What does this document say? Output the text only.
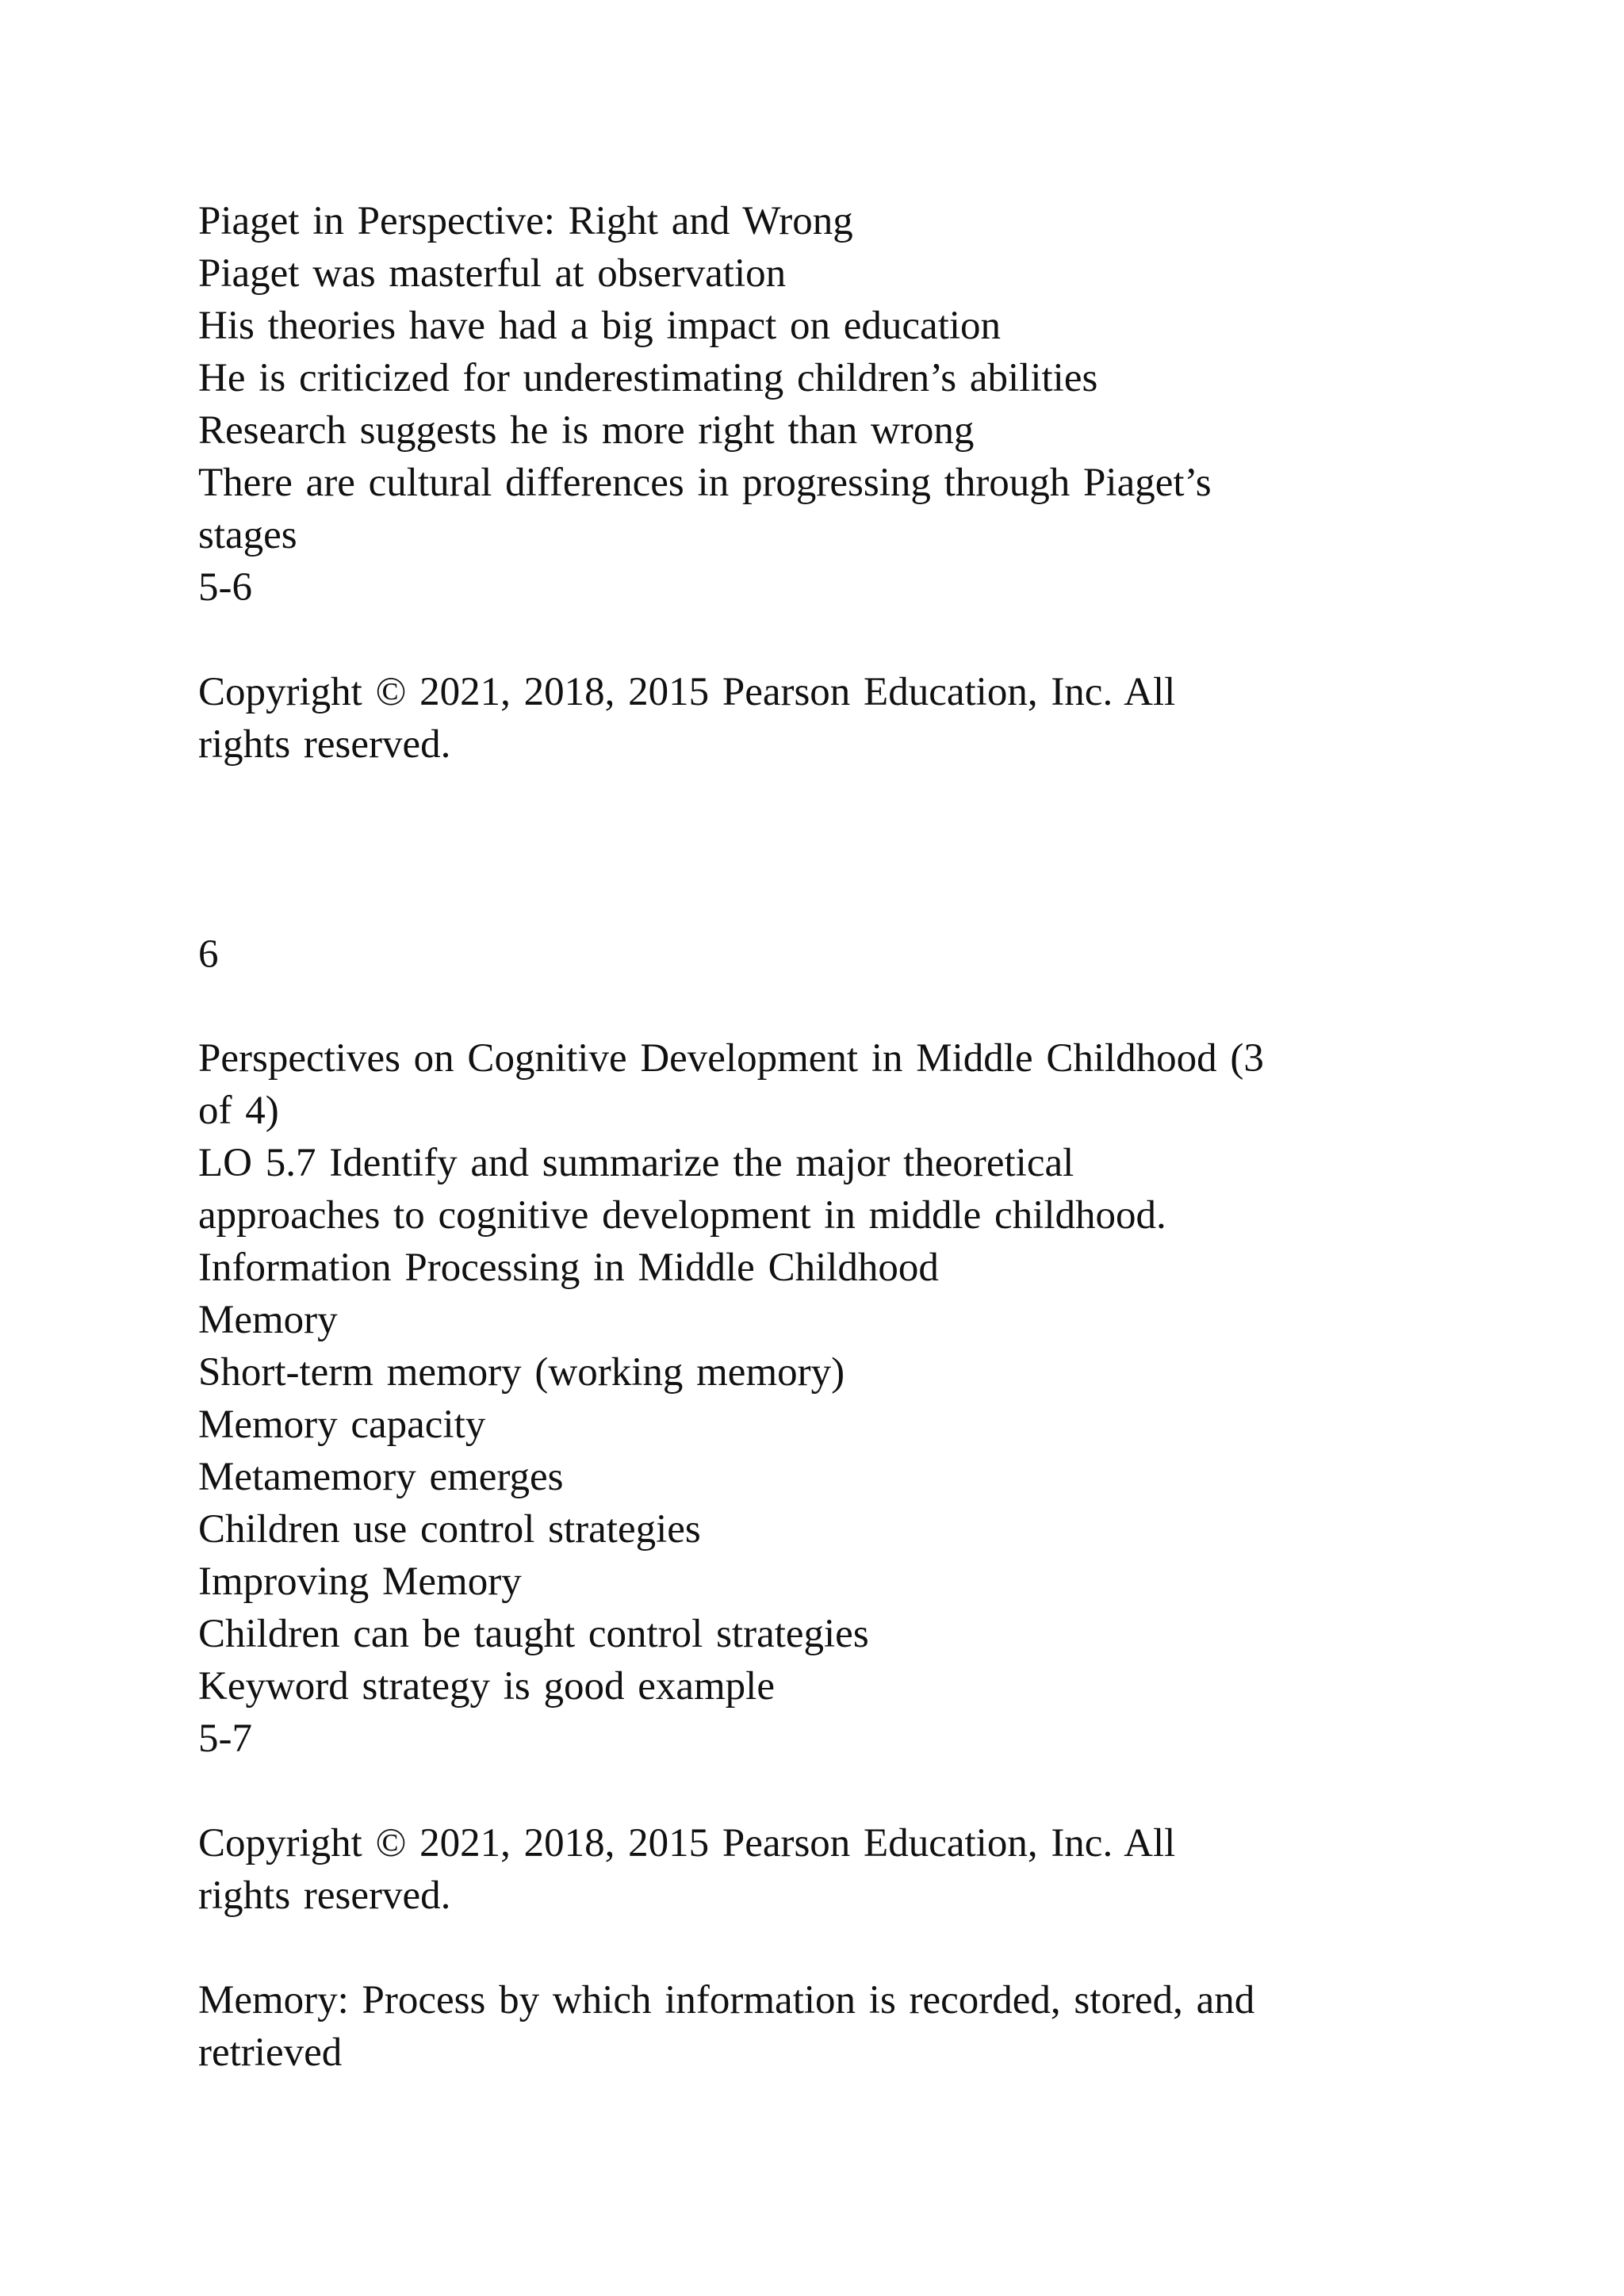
Piaget in Perspective: Right and Wrong

Piaget was masterful at observation

His theories have had a big impact on education

He is criticized for underestimating children’s abilities

Research suggests he is more right than wrong

There are cultural differences in progressing through Piaget’s

stages

5-6

Copyright © 2021, 2018, 2015 Pearson Education, Inc. All

rights reserved.

6

Perspectives on Cognitive Development in Middle Childhood (3

of 4)

LO 5.7 Identify and summarize the major theoretical

approaches to cognitive development in middle childhood.

Information Processing in Middle Childhood

Memory

Short-term memory (working memory)

Memory capacity

Metamemory emerges

Children use control strategies

Improving Memory

Children can be taught control strategies

Keyword strategy is good example

5-7

Copyright © 2021, 2018, 2015 Pearson Education, Inc. All

rights reserved.

Memory: Process by which information is recorded, stored, and

retrieved
